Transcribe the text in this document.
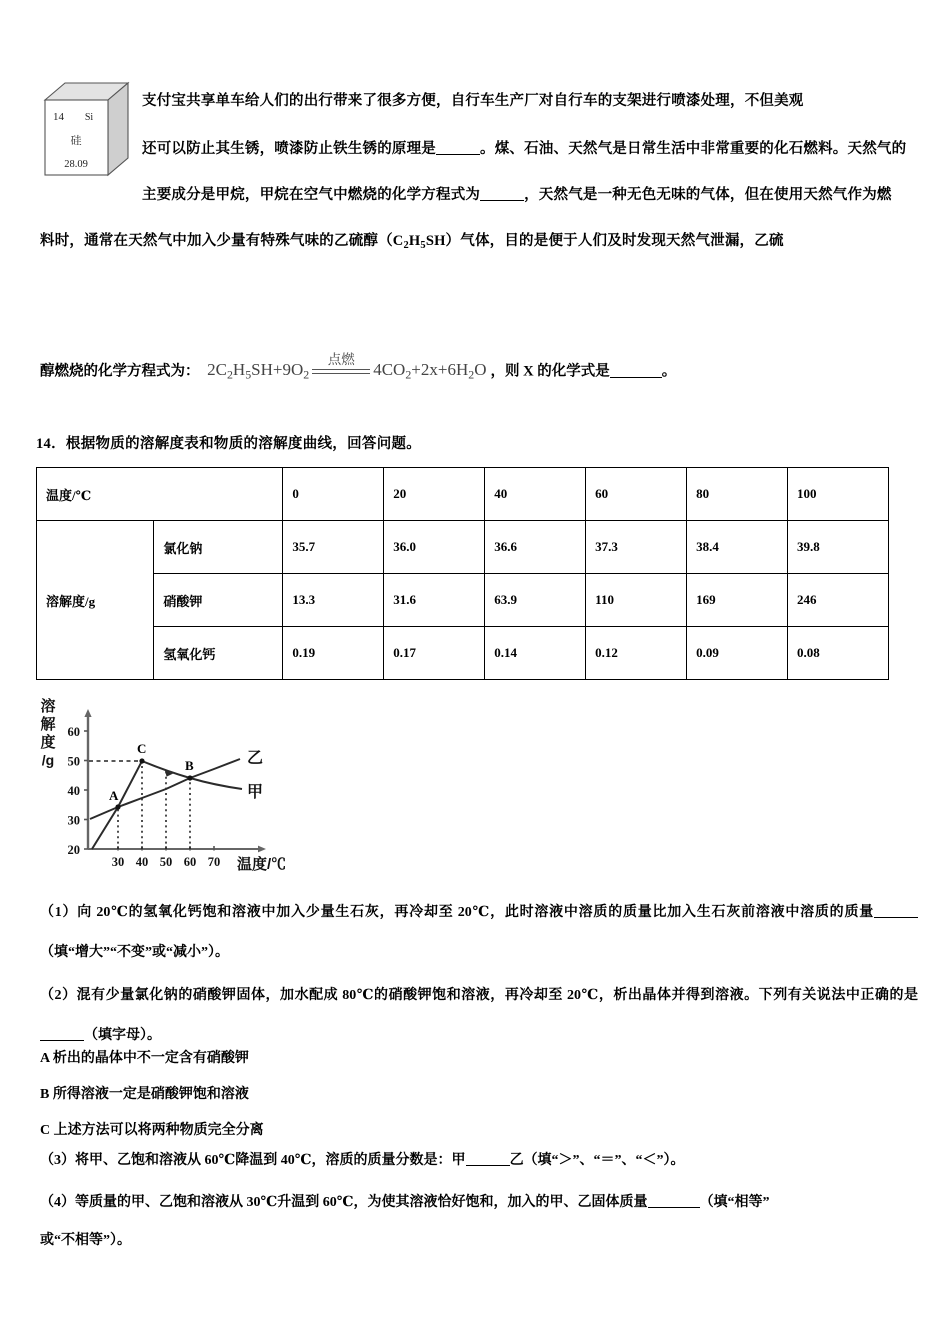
14 Si
硅
28.09
支付宝共享单车给人们的出行带来了很多方便，自行车生产厂对自行车的支架进行喷漆处理，不但美观
还可以防止其生锈，喷漆防止铁生锈的原理是	。煤、石油、天然气是日常生活中非常重要的化石燃料。天然气的
主要成分是甲烷，甲烷在空气中燃烧的化学方程式为	，天然气是一种无色无味的气体，但在使用天然气作为燃
料时，通常在天然气中加入少量有特殊气味的乙硫醇$(C_2H_5SH)$气体，目的是便于人们及时发现天然气泄漏，乙硫
醇燃烧的化学方程式为： $2C_2H_5SH+9O_2$
点燃
$4CO_2+2x+6H_2O$ ，则 X 的化学式是	。
14．根据物质的溶解度表和物质的溶解度曲线，回答问题。
温度/℃		0	20	40	60	80	100
溶解度/g	氯化钠	35.7	36.0	36.6	37.3	38.4	39.8
	硝酸钾	13.3	31.6	63.9	110	169	246
	氢氧化钙	0.19	0.17	0.14	0.12	0.09	0.08
溶
解
度
/g
20
30
40
50
60
30 40 50 60 70 温度/℃
A
C
B	乙
甲
（1）向 20℃的氢氧化钙饱和溶液中加入少量生石灰，再冷却至 20℃，此时溶液中溶质的质量比加入生石灰前溶液中溶质的质量（填“增大”“不变”或“减小”）。
（2）混有少量氯化钠的硝酸钾固体，加水配成 80℃的硝酸钾饱和溶液，再冷却至 20℃，析出晶体并得到溶液。下列有关说法中正确的是（填字母）。
A 析出的晶体中不一定含有硝酸钾
B 所得溶液一定是硝酸钾饱和溶液
C 上述方法可以将两种物质完全分离
（3）将甲、乙饱和溶液从 60℃降温到 40℃，溶质的质量分数是：甲	乙（填“＞”、“＝”、“＜”）。
（4）等质量的甲、乙饱和溶液从 30℃升温到 60℃，为使其溶液恰好饱和，加入的甲、乙固体质量	（填“相等”
或“不相等”）。
